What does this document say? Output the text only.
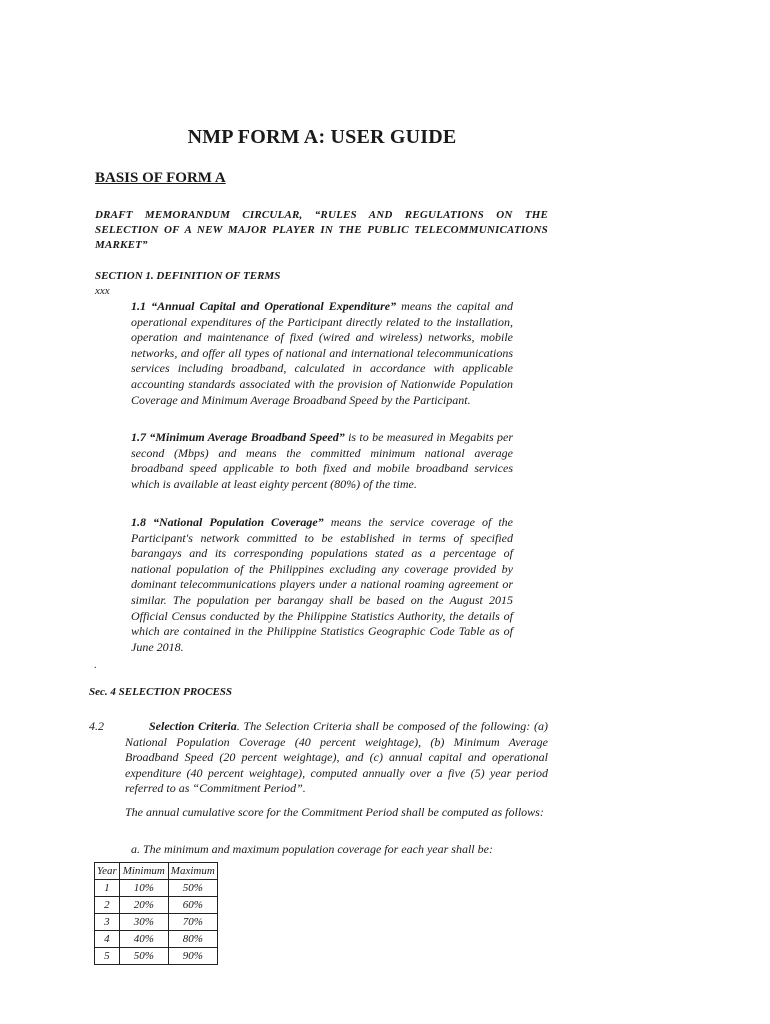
NMP FORM A: USER GUIDE
BASIS OF FORM A
DRAFT MEMORANDUM CIRCULAR, “RULES AND REGULATIONS ON THE SELECTION OF A NEW MAJOR PLAYER IN THE PUBLIC TELECOMMUNICATIONS MARKET”
SECTION 1. DEFINITION OF TERMS
xxx
1.1 “Annual Capital and Operational Expenditure” means the capital and operational expenditures of the Participant directly related to the installation, operation and maintenance of fixed (wired and wireless) networks, mobile networks, and offer all types of national and international telecommunications services including broadband, calculated in accordance with applicable accounting standards associated with the provision of Nationwide Population Coverage and Minimum Average Broadband Speed by the Participant.
1.7 “Minimum Average Broadband Speed” is to be measured in Megabits per second (Mbps) and means the committed minimum national average broadband speed applicable to both fixed and mobile broadband services which is available at least eighty percent (80%) of the time.
1.8 “National Population Coverage” means the service coverage of the Participant's network committed to be established in terms of specified barangays and its corresponding populations stated as a percentage of national population of the Philippines excluding any coverage provided by dominant telecommunications players under a national roaming agreement or similar. The population per barangay shall be based on the August 2015 Official Census conducted by the Philippine Statistics Authority, the details of which are contained in the Philippine Statistics Geographic Code Table as of June 2018.
.
Sec. 4 SELECTION PROCESS
4.2	Selection Criteria. The Selection Criteria shall be composed of the following: (a) National Population Coverage (40 percent weightage), (b) Minimum Average Broadband Speed (20 percent weightage), and (c) annual capital and operational expenditure (40 percent weightage), computed annually over a five (5) year period referred to as “Commitment Period”.
The annual cumulative score for the Commitment Period shall be computed as follows:
a. The minimum and maximum population coverage for each year shall be:
Year	Minimum	Maximum
1	10%	50%
2	20%	60%
3	30%	70%
4	40%	80%
5	50%	90%
